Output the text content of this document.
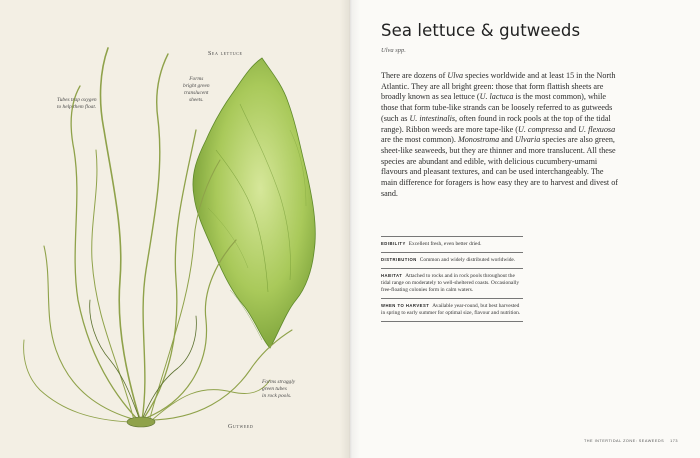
Sea lettuce
Gutweed
Tubes trap oxygen
to help them float.
Forms
bright green
translucent
sheets.
Forms straggly
green tubes
in rock pools.
Sea lettuce & gutweeds
Ulva spp.

There are dozens of Ulva species worldwide and at least 15 in the North Atlantic. They are all bright green: those that form flattish sheets are broadly known as sea lettuce (U. lactuca is the most common), while those that form tube-like strands can be loosely referred to as gutweeds (such as U. intestinalis, often found in rock pools at the top of the tidal range). Ribbon weeds are more tape-like (U. compressa and U. flexuosa are the most common). Monostroma and Ulvaria species are also green, sheet-like seaweeds, but they are thinner and more translucent. All these species are abundant and edible, with delicious cucumbery-umami flavours and pleasant textures, and can be used interchangeably. The main difference for foragers is how easy they are to harvest and divest of sand.

EDIBILITY Excellent fresh, even better dried.
DISTRIBUTION Common and widely distributed worldwide.
HABITAT Attached to rocks and in rock pools throughout the tidal range on moderately to well-sheltered coasts. Occasionally free-floating colonies form in calm waters.
WHEN TO HARVEST Available year-round, but best harvested in spring to early summer for optimal size, flavour and nutrition.
THE INTERTIDAL ZONE: SEAWEEDS 173
